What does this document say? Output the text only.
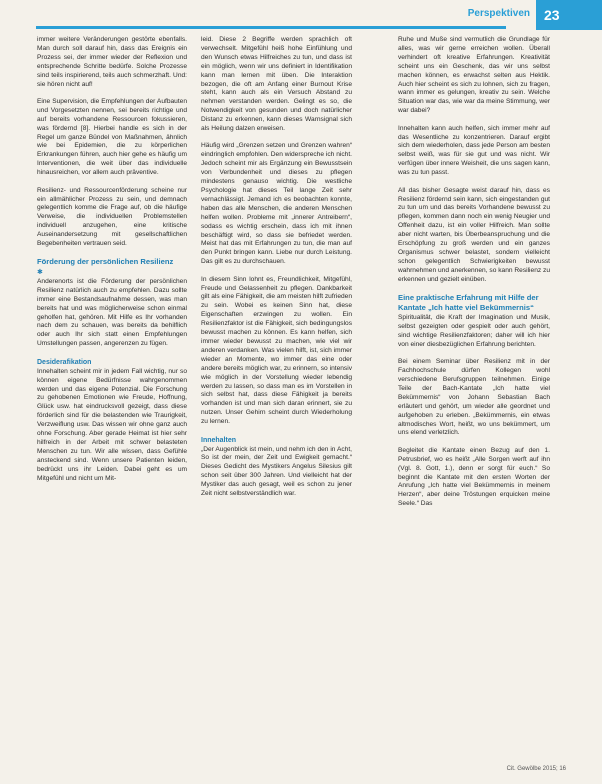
Perspektiven 23

immer weitere Veränderungen gestörte ebenfalls. Man durch soll darauf hin, dass das Ereignis ein Prozess sei, der immer wieder der Reflexion und entsprechende Schritte bedürfe. Solche Prozesse sind teils inspirierend, teils auch schmerzhaft. Und: sie hören nicht auf!

Eine Supervision, die Empfehlungen der Aufbauten und Vorgesetzten nennen, sei bereits richtige und auf bereits vorhandene Ressourcen fokussieren, was fördernd [8]. Hierbei handle es sich in der Regel um ganze Bündel von Maßnahmen, ähnlich wie bei Epidemien, die zu körperlichen Erkrankungen führen, auch hier gehe es häufig um Interventionen, die weit über das individuelle hinausreichen, vor allem auch präventive.

Resilienz- und Ressourcenförderung scheine nur ein allmählicher Prozess zu sein, und demnach gelegentlich komme die Frage auf, ob die häufige Verweise, die individuellen Problemstellen individuell anzugehen, eine kritische Auseinandersetzung mit gesellschaftlichen Begebenheiten vertrauen seid.

Förderung der persönlichen Resilienz
✱

Anderenorts ist die Förderung der persönlichen Resilienz natürlich auch zu empfehlen. Dazu sollte immer eine Bestandsaufnahme dessen, was man bereits hat und was möglicherweise schon einmal geholfen hat, gehören. Mit Hilfe es Ihr vorhanden nach dem zu schauen, was bereits da behilflich oder auch Ihr sich statt einen Empfehlungen Umstellungen passen, angerenzen zu fügen.

Desiderafikation

Innehalten scheint mir in jedem Fall wichtig, nur so können eigene Bedürfnisse wahrgenommen werden und das eigene Potenzial. Die Forschung zu gehobenen Emotionen wie Freude, Hoffnung, Glück usw. hat eindrucksvoll gezeigt, dass diese förderlich sind für die belastenden wie Traurigkeit, Verzweiflung usw. Das wissen wir ohne ganz auch ohne Forschung. Aber gerade Heimat ist hier sehr hilfreich in der Arbeit mit schwer belasteten Menschen zu tun. Wir alle wissen, dass Gefühle ansteckend sind. Wenn unsere Patienten leiden, bedrückt uns ihr Leiden. Dabei geht es um Mitgefühl und nicht um Mit-

leid. Diese 2 Begriffe werden sprachlich oft verwechselt. Mitgefühl heiß hohe Einfühlung und den Wunsch etwas Hilfreiches zu tun, und dass ist ein möglich, wenn wir uns definiert in Identifikation kann man lernen mit üben. Die Interaktion bezogen, die oft am Anfang einer Burnout Krise steht, kann auch als ein Versuch Abstand zu nehmen verstanden werden. Gelingt es so, die Notwendigkeit von gesunden und doch natürlicher Distanz zu erkennen, kann dieses Warnsignal sich als Heilung dalzen erweisen.

Häufig wird „Grenzen setzen und Grenzen wahren“ eindringlich empfohlen. Den widerspreche ich nicht. Jedoch scheint mir als Ergänzung ein Bewusstsein von Verbundenheit und dieses zu pflegen mindestens genauso wichtig. Die westliche Psychologie hat dieses Teil lange Zeit sehr vernachlässigt. Jemand ich es beobachten konnte, haben das alle Menschen, die anderen Menschen helfen wollen. Probleme mit „innerer Antreibern“, sodass es wichtig erschein, dass ich mit ihnen beschäftigt wird, so dass sie befriedet werden. Meist hat das mit Erfahrungen zu tun, die man auf den Punkt bringen kann. Liebe nur durch Leistung. Das gilt es zu durchschauen.

In diesem Sinn lohnt es, Freundlichkeit, Mitgefühl, Freude und Gelassenheit zu pflegen. Dankbarkeit gilt als eine Fähigkeit, die am meisten hilft zufrieden zu sein. Wobei es keinen Sinn hat, diese Eigenschaften erzwingen zu wollen. Ein Resilienzfaktor ist die Fähigkeit, sich bedingungslos bewusst machen zu können. Es kann helfen, sich immer wieder bewusst zu machen, wie viel wir anderen verdanken. Was vielen hilft, ist, sich immer wieder an Momente, wo immer das eine oder andere bereits möglich war, zu erinnern, so intensiv wie möglich in der Vorstellung wieder lebendig werden zu lassen, so dass man es im Vorstellen in sich selbst hat, dass diese Fähigkeit ja bereits vorhanden ist und man sich daran erinnert, sie zu nutzen. Unser Gehirn scheint durch Wiederholung zu lernen.

Innehalten

„Der Augenblick ist mein, und nehm ich den in Acht, So ist der mein, der Zeit und Ewigkeit gemacht.“ Dieses Gedicht des Mystikers Angelus Silesius gilt schon seit über 300 Jahren. Und vielleicht hat der Mystiker das auch gesagt, weil es schon zu jener Zeit nicht selbstverständlich war.

Ruhe und Muße sind vermutlich die Grundlage für alles, was wir gerne erreichen wollen. Überall verhindert oft kreative Erfahrungen. Kreativität scheint uns ein Geschenk, das wir uns selbst machen können, es erwachst selten aus Hektik. Auch hier scheint es sich zu lohnen, sich zu fragen, wann immer es gelungen, kreativ zu sein. Welche Situation war das, wie war da meine Stimmung, wer war dabei?

Innehalten kann auch helfen, sich immer mehr auf das Wesentliche zu konzentrieren. Darauf ergibt sich dem wiederholen, dass jede Person am besten selbst weiß, was für sie gut und was nicht. Wir verfügen über innere Weisheit, die uns sagen kann, was zu tun passt.

All das bisher Gesagte weist darauf hin, dass es Resilienz fördernd sein kann, sich eingestanden gut zu tun um und das bereits Vorhandene bewusst zu pflegen, kommen dann noch ein wenig Neugier und Offenheit dazu, ist ein voller Hilfreich. Man sollte aber nicht warten, bis Überbeanspruchung und die Erschöpfung zu groß werden und ein ganzes Organismus schwer belastet, sondern vielleicht schon gelegentlich Schwierigkeiten bewusst wahrnehmen und anerkennen, so kann Resilienz zu erkennen und gezielt einüben.

Eine praktische Erfahrung mit Hilfe der Kantate „Ich hatte viel Bekümmernis“

Spiritualität, die Kraft der Imagination und Musik, selbst gezeigten oder gespielt oder auch gehört, sind wichtige Resilienzfaktoren; daher will ich hier von einer diesbezüglichen Erfahrung berichten.

Bei einem Seminar über Resilienz mit in der Fachhochschule dürfen Kollegen wohl verschiedene Berufsgruppen teilnehmen. Einige Teile der Bach-Kantate „Ich hatte viel Bekümmernis“ von Johann Sebastian Bach erläutert und gehört, um wieder alle geordnet und aufgehoben zu erleben. „Bekümmernis, ein etwas altmodisches Wort, heißt, wo uns bekümmert, um uns elend verletzlich.

Begleitet die Kantate einen Bezug auf den 1. Petrusbrief, wo es heißt „Alle Sorgen werft auf ihn (Vgl. 8. Gott, 1.), denn er sorgt für euch.“ So beginnt die Kantate mit den ersten Worten der Anrufung „Ich hatte viel Bekümmernis in meinem Herzen“, aber deine Tröstungen erquicken meine Seele.“ Das

Cit. Gewölbe 2015; 16
